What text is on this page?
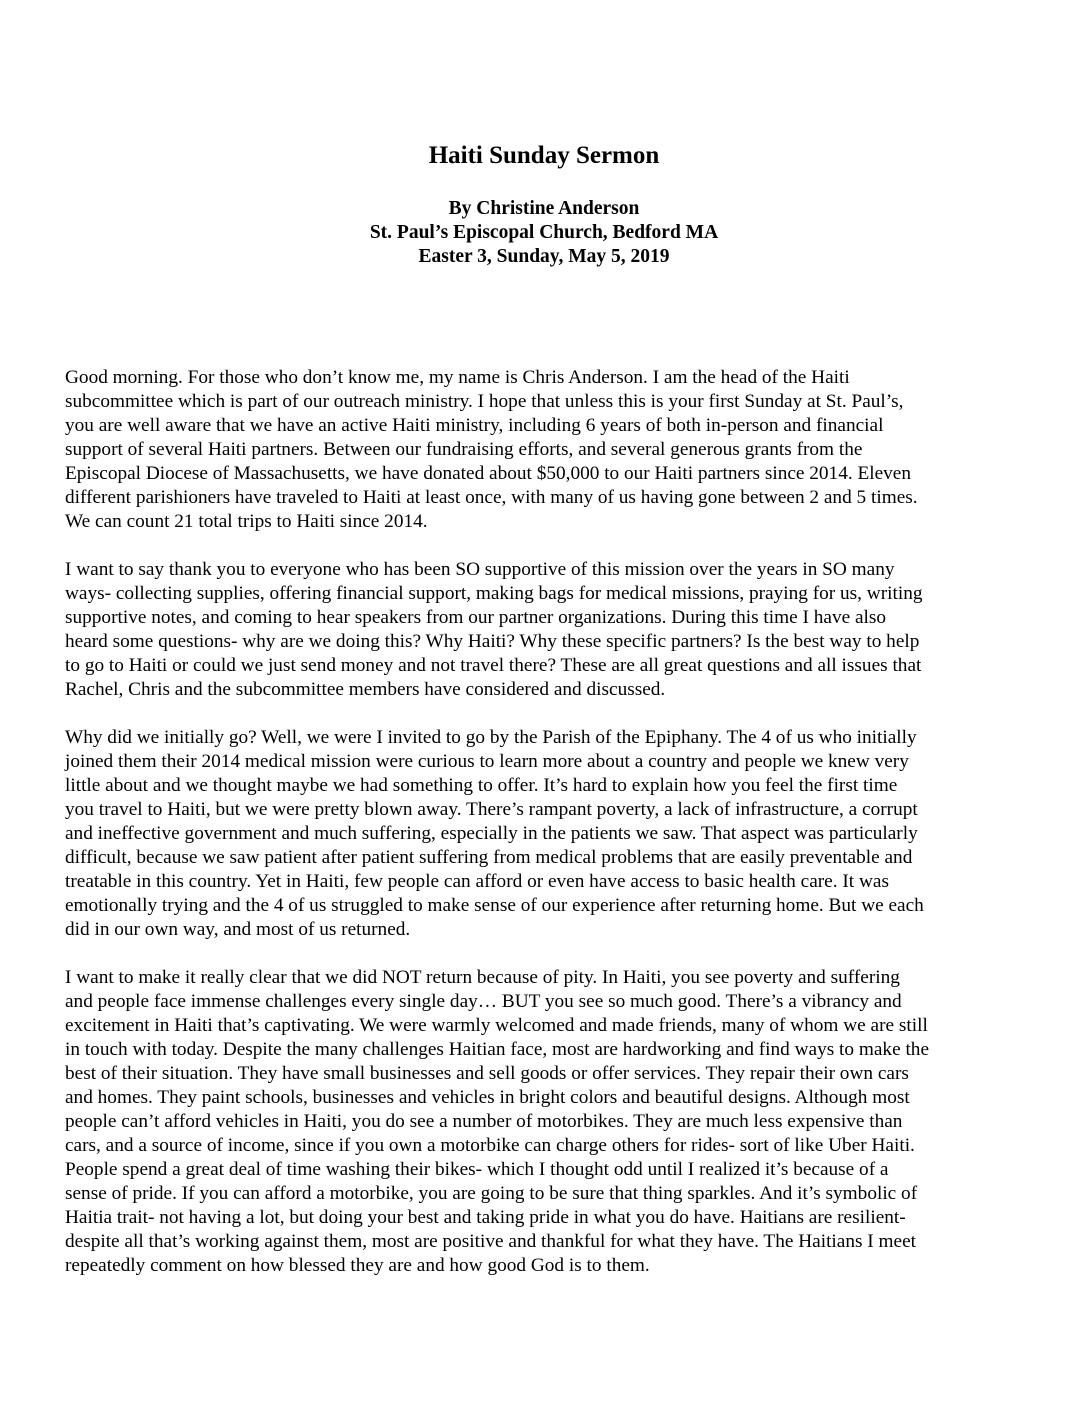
Haiti Sunday Sermon
By Christine Anderson
St. Paul’s Episcopal Church, Bedford MA
Easter 3, Sunday, May 5, 2019

Good morning. For those who don’t know me, my name is Chris Anderson. I am the head of the Haiti
subcommittee which is part of our outreach ministry. I hope that unless this is your first Sunday at St. Paul’s,
you are well aware that we have an active Haiti ministry, including 6 years of both in-person and financial
support of several Haiti partners. Between our fundraising efforts, and several generous grants from the
Episcopal Diocese of Massachusetts, we have donated about $50,000 to our Haiti partners since 2014. Eleven
different parishioners have traveled to Haiti at least once, with many of us having gone between 2 and 5 times.
We can count 21 total trips to Haiti since 2014.

I want to say thank you to everyone who has been SO supportive of this mission over the years in SO many
ways- collecting supplies, offering financial support, making bags for medical missions, praying for us, writing
supportive notes, and coming to hear speakers from our partner organizations. During this time I have also
heard some questions- why are we doing this? Why Haiti? Why these specific partners? Is the best way to help
to go to Haiti or could we just send money and not travel there? These are all great questions and all issues that
Rachel, Chris and the subcommittee members have considered and discussed.

Why did we initially go? Well, we were I invited to go by the Parish of the Epiphany. The 4 of us who initially
joined them their 2014 medical mission were curious to learn more about a country and people we knew very
little about and we thought maybe we had something to offer. It’s hard to explain how you feel the first time
you travel to Haiti, but we were pretty blown away. There’s rampant poverty, a lack of infrastructure, a corrupt
and ineffective government and much suffering, especially in the patients we saw. That aspect was particularly
difficult, because we saw patient after patient suffering from medical problems that are easily preventable and
treatable in this country. Yet in Haiti, few people can afford or even have access to basic health care. It was
emotionally trying and the 4 of us struggled to make sense of our experience after returning home. But we each
did in our own way, and most of us returned.

I want to make it really clear that we did NOT return because of pity. In Haiti, you see poverty and suffering
and people face immense challenges every single day… BUT you see so much good. There’s a vibrancy and
excitement in Haiti that’s captivating. We were warmly welcomed and made friends, many of whom we are still
in touch with today. Despite the many challenges Haitian face, most are hardworking and find ways to make the
best of their situation. They have small businesses and sell goods or offer services. They repair their own cars
and homes. They paint schools, businesses and vehicles in bright colors and beautiful designs. Although most
people can’t afford vehicles in Haiti, you do see a number of motorbikes. They are much less expensive than
cars, and a source of income, since if you own a motorbike can charge others for rides- sort of like Uber Haiti.
People spend a great deal of time washing their bikes- which I thought odd until I realized it’s because of a
sense of pride. If you can afford a motorbike, you are going to be sure that thing sparkles. And it’s symbolic of
Haitia trait- not having a lot, but doing your best and taking pride in what you do have. Haitians are resilient-
despite all that’s working against them, most are positive and thankful for what they have. The Haitians I meet
repeatedly comment on how blessed they are and how good God is to them.
